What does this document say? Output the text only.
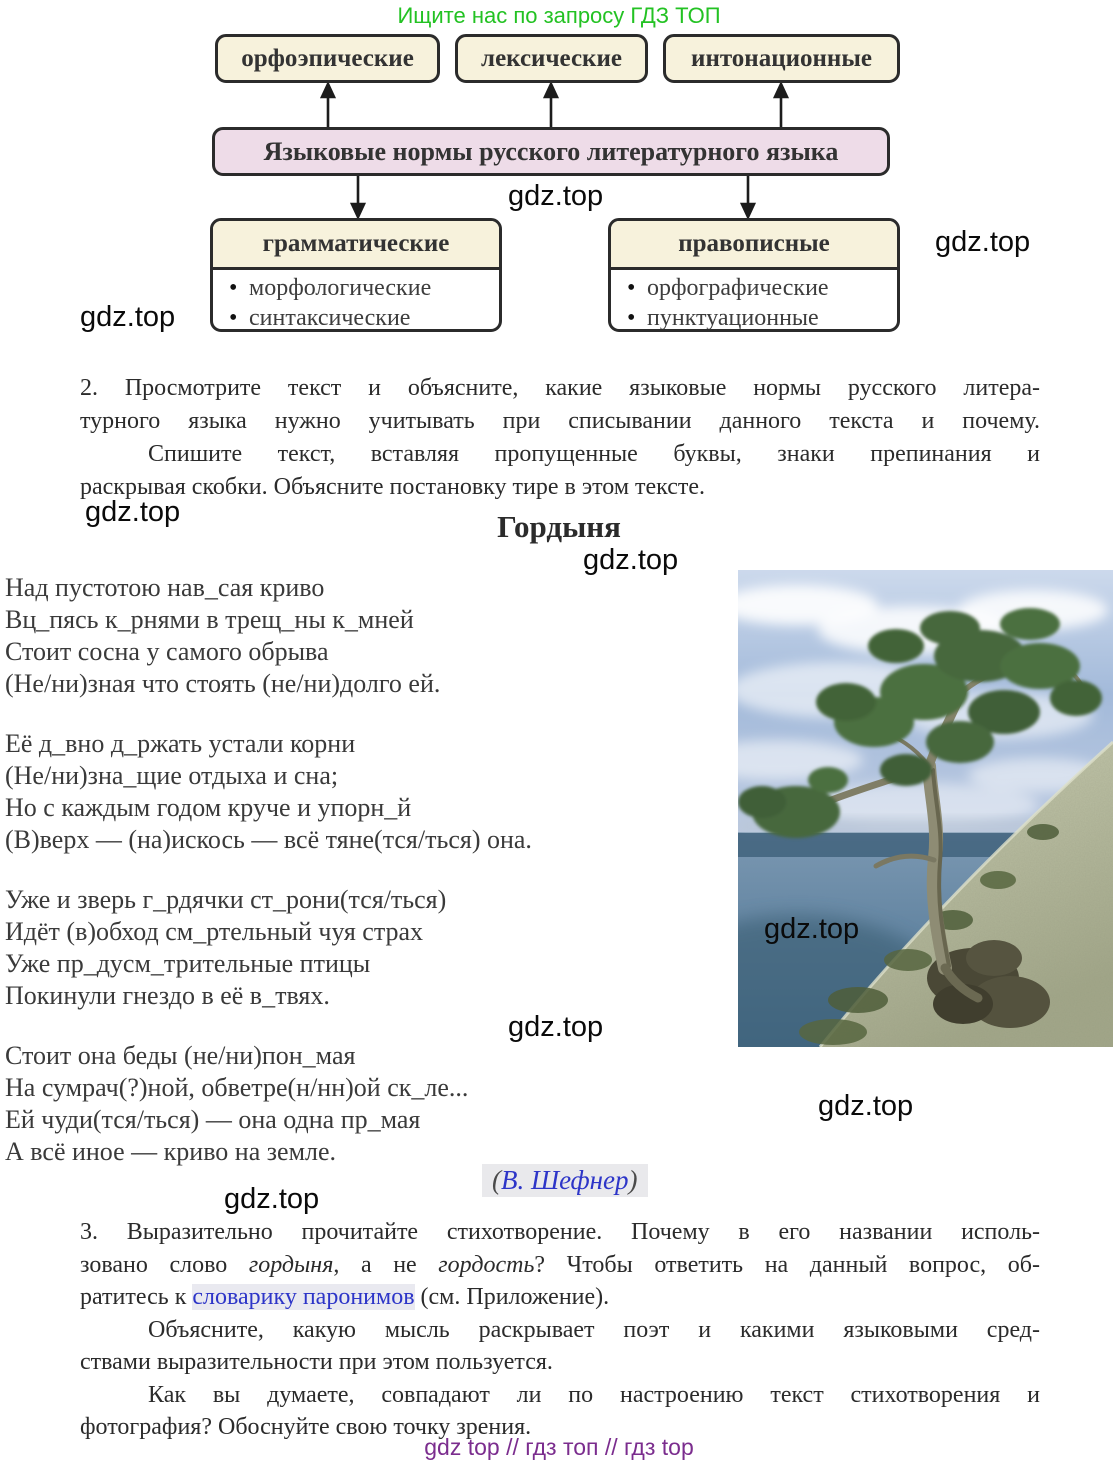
Ищите нас по запросу ГДЗ ТОП
орфоэпические	лексические	интонационные
Языковые нормы русского литературного языка
грамматические
• морфологические
• синтаксические
правописные
• орфографические
• пунктуационные
gdz.top
gdz.top
gdz.top
gdz.top
gdz.top
gdz.top
gdz.top
gdz.top
gdz.top
2. Просмотрите текст и объясните, какие языковые нормы русского литера-
турного языка нужно учитывать при списывании данного текста и почему.
Спишите текст, вставляя пропущенные буквы, знаки препинания и
раскрывая скобки. Объясните постановку тире в этом тексте.
Гордыня
Над пустотою нав_сая криво
Вц_пясь к_рнями в трещ_ны к_мней
Стоит сосна у самого обрыва
(Не/ни)зная что стоять (не/ни)долго ей.
Её д_вно д_ржать устали корни
(Не/ни)зна_щие отдыха и сна;
Но с каждым годом круче и упорн_й
(В)верх — (на)искось — всё тяне(тся/ться) она.
Уже и зверь г_рдячки ст_рони(тся/ться)
Идёт (в)обход см_ртельный чуя страх
Уже пр_дусм_трительные птицы
Покинули гнездо в её в_твях.
Стоит она беды (не/ни)пон_мая
На сумрач(?)ной, обветре(н/нн)ой ск_ле...
Ей чуди(тся/ться) — она одна пр_мая
А всё иное — криво на земле.
(В. Шефнер)
3. Выразительно прочитайте стихотворение. Почему в его названии исполь-
зовано слово гордыня, а не гордость? Чтобы ответить на данный вопрос, об-
ратитесь к словарику паронимов (см. Приложение).
Объясните, какую мысль раскрывает поэт и какими языковыми сред-
ствами выразительности при этом пользуется.
Как вы думаете, совпадают ли по настроению текст стихотворения и
фотография? Обоснуйте свою точку зрения.
gdz top // гдз топ // гдз top
